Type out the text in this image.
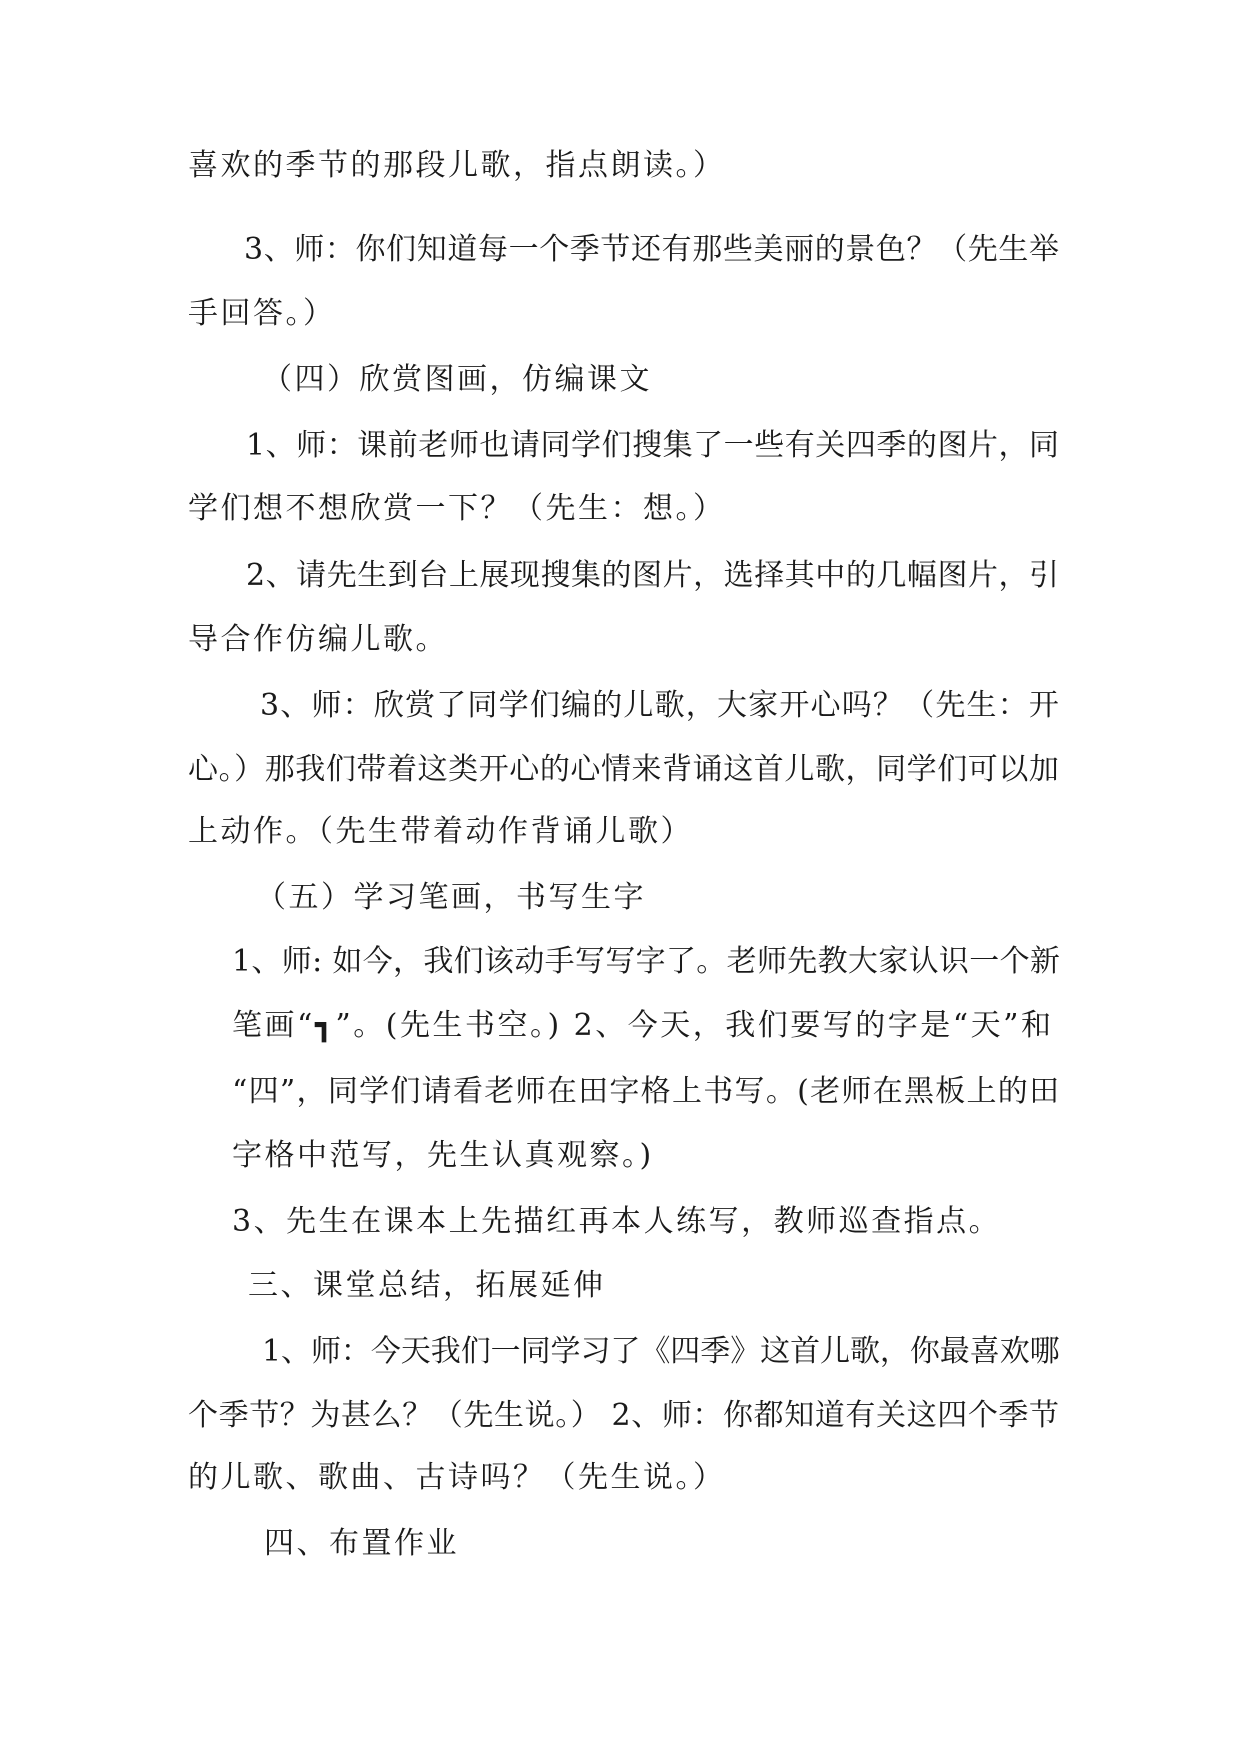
喜欢的季节的那段儿歌，指点朗读。）
3、师：你们知道每一个季节还有那些美丽的景色？（先生举
手回答。）
（四）欣赏图画，仿编课文
1、师：课前老师也请同学们搜集了一些有关四季的图片，同
学们想不想欣赏一下？（先生：想。）
2、请先生到台上展现搜集的图片，选择其中的几幅图片，引
导合作仿编儿歌。
3、师：欣赏了同学们编的儿歌，大家开心吗？（先生：开
心。）那我们带着这类开心的心情来背诵这首儿歌，同学们可以加
上动作。（先生带着动作背诵儿歌）
（五）学习笔画，书写生字
1、师: 如今，我们该动手写写字了。老师先教大家认识一个新
笔画“┓”。(先生书空。) 2、今天，我们要写的字是“天”和
“四”，同学们请看老师在田字格上书写。(老师在黑板上的田
字格中范写，先生认真观察。)
3、先生在课本上先描红再本人练写，教师巡查指点。
三、课堂总结，拓展延伸
1、师：今天我们一同学习了《四季》这首儿歌，你最喜欢哪
个季节？为甚么？（先生说。） 2、师：你都知道有关这四个季节
的儿歌、歌曲、古诗吗？（先生说。）
四、布置作业
